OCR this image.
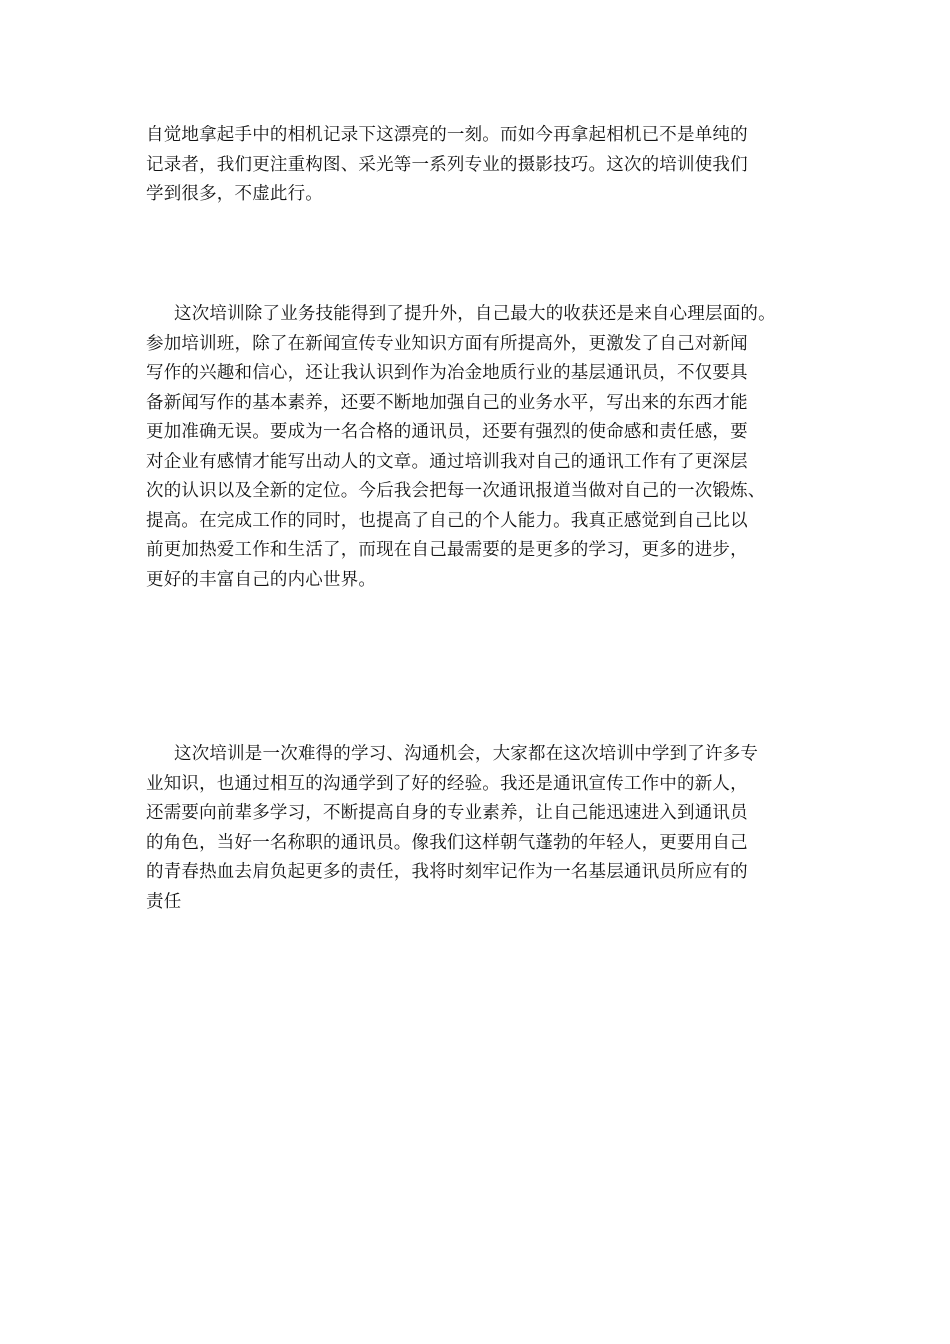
自觉地拿起手中的相机记录下这漂亮的一刻。而如今再拿起相机已不是单纯的
记录者，我们更注重构图、采光等一系列专业的摄影技巧。这次的培训使我们
学到很多，不虚此行。
这次培训除了业务技能得到了提升外，自己最大的收获还是来自心理层面的。
参加培训班，除了在新闻宣传专业知识方面有所提高外，更激发了自己对新闻
写作的兴趣和信心，还让我认识到作为冶金地质行业的基层通讯员，不仅要具
备新闻写作的基本素养，还要不断地加强自己的业务水平，写出来的东西才能
更加准确无误。要成为一名合格的通讯员，还要有强烈的使命感和责任感，要
对企业有感情才能写出动人的文章。通过培训我对自己的通讯工作有了更深层
次的认识以及全新的定位。今后我会把每一次通讯报道当做对自己的一次锻炼、
提高。在完成工作的同时，也提高了自己的个人能力。我真正感觉到自己比以
前更加热爱工作和生活了，而现在自己最需要的是更多的学习，更多的进步，
更好的丰富自己的内心世界。
这次培训是一次难得的学习、沟通机会，大家都在这次培训中学到了许多专
业知识，也通过相互的沟通学到了好的经验。我还是通讯宣传工作中的新人，
还需要向前辈多学习，不断提高自身的专业素养，让自己能迅速进入到通讯员
的角色，当好一名称职的通讯员。像我们这样朝气蓬勃的年轻人，更要用自己
的青春热血去肩负起更多的责任，我将时刻牢记作为一名基层通讯员所应有的
责任
